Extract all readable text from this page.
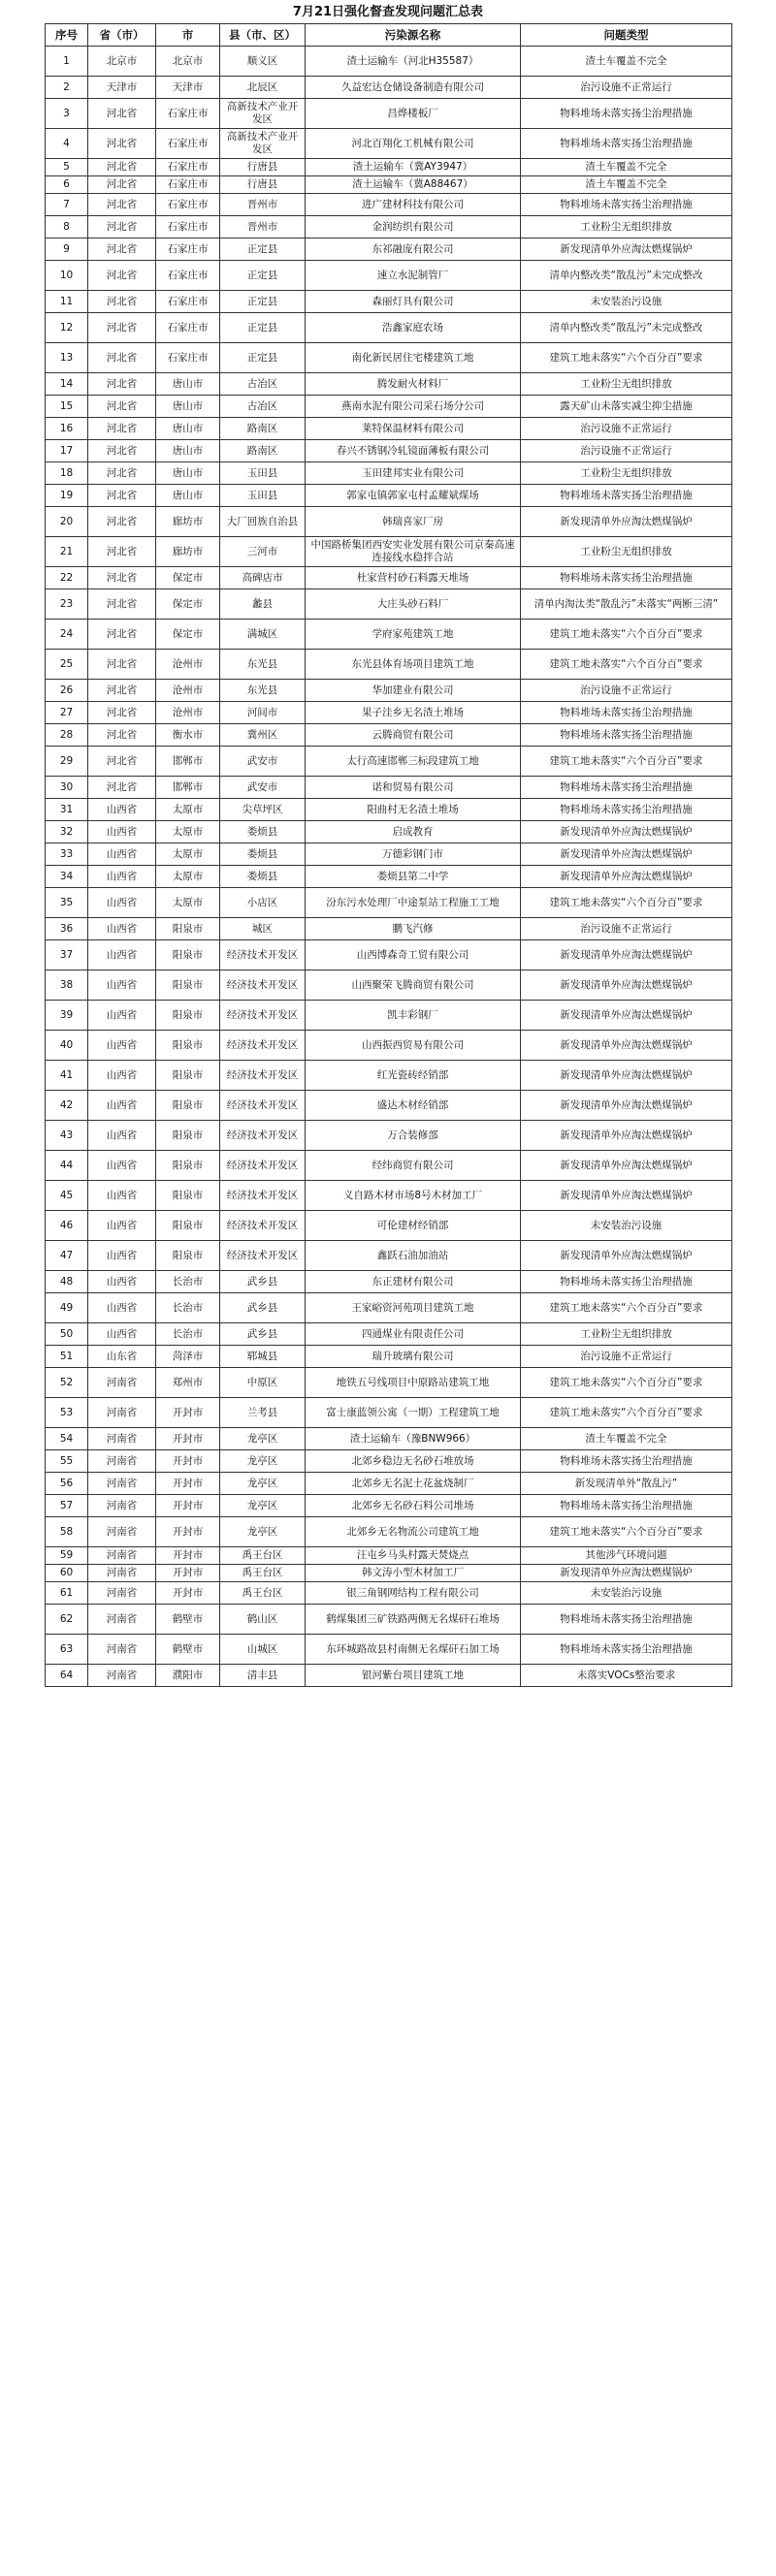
7月21日强化督查发现问题汇总表
序号	省（市）	市	县（市、区）	污染源名称	问题类型
1	北京市	北京市	顺义区	渣土运输车（河北H35587）	渣土车覆盖不完全
2	天津市	天津市	北辰区	久益宏达仓储设备制造有限公司	治污设施不正常运行
3	河北省	石家庄市	高新技术产业开发区	昌烨楼板厂	物料堆场未落实扬尘治理措施
4	河北省	石家庄市	高新技术产业开发区	河北百翔化工机械有限公司	物料堆场未落实扬尘治理措施
5	河北省	石家庄市	行唐县	渣土运输车（冀AY3947）	渣土车覆盖不完全
6	河北省	石家庄市	行唐县	渣土运输车（冀A88467）	渣土车覆盖不完全
7	河北省	石家庄市	晋州市	进广建材科技有限公司	物料堆场未落实扬尘治理措施
8	河北省	石家庄市	晋州市	金润纺织有限公司	工业粉尘无组织排放
9	河北省	石家庄市	正定县	东祁融庞有限公司	新发现清单外应淘汰燃煤锅炉
10	河北省	石家庄市	正定县	速立水泥制管厂	清单内整改类“散乱污”未完成整改
11	河北省	石家庄市	正定县	森丽灯具有限公司	未安装治污设施
12	河北省	石家庄市	正定县	浩鑫家庭农场	清单内整改类“散乱污”未完成整改
13	河北省	石家庄市	正定县	南化新民居住宅楼建筑工地	建筑工地未落实“六个百分百”要求
14	河北省	唐山市	古冶区	腾发耐火材料厂	工业粉尘无组织排放
15	河北省	唐山市	古冶区	燕南水泥有限公司采石场分公司	露天矿山未落实减尘抑尘措施
16	河北省	唐山市	路南区	莱特保温材料有限公司	治污设施不正常运行
17	河北省	唐山市	路南区	春兴不锈钢冷轧镜面薄板有限公司	治污设施不正常运行
18	河北省	唐山市	玉田县	玉田建邦实业有限公司	工业粉尘无组织排放
19	河北省	唐山市	玉田县	郭家屯镇郭家屯村孟耀斌煤场	物料堆场未落实扬尘治理措施
20	河北省	廊坊市	大厂回族自治县	韩瑞喜家厂房	新发现清单外应淘汰燃煤锅炉
21	河北省	廊坊市	三河市	中国路桥集团西安实业发展有限公司京秦高速连接线水稳拌合站	工业粉尘无组织排放
22	河北省	保定市	高碑店市	杜家营村砂石料露天堆场	物料堆场未落实扬尘治理措施
23	河北省	保定市	蠡县	大庄头砂石料厂	清单内淘汰类“散乱污”未落实“两断三清”
24	河北省	保定市	满城区	学府家苑建筑工地	建筑工地未落实“六个百分百”要求
25	河北省	沧州市	东光县	东光县体育场项目建筑工地	建筑工地未落实“六个百分百”要求
26	河北省	沧州市	东光县	华加建业有限公司	治污设施不正常运行
27	河北省	沧州市	河间市	果子洼乡无名渣土堆场	物料堆场未落实扬尘治理措施
28	河北省	衡水市	冀州区	云腾商贸有限公司	物料堆场未落实扬尘治理措施
29	河北省	邯郸市	武安市	太行高速邯郸三标段建筑工地	建筑工地未落实“六个百分百”要求
30	河北省	邯郸市	武安市	诺和贸易有限公司	物料堆场未落实扬尘治理措施
31	山西省	太原市	尖草坪区	阳曲村无名渣土堆场	物料堆场未落实扬尘治理措施
32	山西省	太原市	娄烦县	启成教育	新发现清单外应淘汰燃煤锅炉
33	山西省	太原市	娄烦县	万德彩钢门市	新发现清单外应淘汰燃煤锅炉
34	山西省	太原市	娄烦县	娄烦县第二中学	新发现清单外应淘汰燃煤锅炉
35	山西省	太原市	小店区	汾东污水处理厂中途泵站工程施工工地	建筑工地未落实“六个百分百”要求
36	山西省	阳泉市	城区	鹏飞汽修	治污设施不正常运行
37	山西省	阳泉市	经济技术开发区	山西博森奇工贸有限公司	新发现清单外应淘汰燃煤锅炉
38	山西省	阳泉市	经济技术开发区	山西聚荣飞腾商贸有限公司	新发现清单外应淘汰燃煤锅炉
39	山西省	阳泉市	经济技术开发区	凯丰彩钢厂	新发现清单外应淘汰燃煤锅炉
40	山西省	阳泉市	经济技术开发区	山西振西贸易有限公司	新发现清单外应淘汰燃煤锅炉
41	山西省	阳泉市	经济技术开发区	红光瓷砖经销部	新发现清单外应淘汰燃煤锅炉
42	山西省	阳泉市	经济技术开发区	盛达木材经销部	新发现清单外应淘汰燃煤锅炉
43	山西省	阳泉市	经济技术开发区	万合装修部	新发现清单外应淘汰燃煤锅炉
44	山西省	阳泉市	经济技术开发区	经纬商贸有限公司	新发现清单外应淘汰燃煤锅炉
45	山西省	阳泉市	经济技术开发区	义自路木材市场8号木材加工厂	新发现清单外应淘汰燃煤锅炉
46	山西省	阳泉市	经济技术开发区	可伦建材经销部	未安装治污设施
47	山西省	阳泉市	经济技术开发区	鑫跃石油加油站	新发现清单外应淘汰燃煤锅炉
48	山西省	长治市	武乡县	东正建材有限公司	物料堆场未落实扬尘治理措施
49	山西省	长治市	武乡县	王家峪资河苑项目建筑工地	建筑工地未落实“六个百分百”要求
50	山西省	长治市	武乡县	四通煤业有限责任公司	工业粉尘无组织排放
51	山东省	菏泽市	郓城县	瑞升玻璃有限公司	治污设施不正常运行
52	河南省	郑州市	中原区	地铁五号线项目中原路站建筑工地	建筑工地未落实“六个百分百”要求
53	河南省	开封市	兰考县	富士康蓝领公寓（一期）工程建筑工地	建筑工地未落实“六个百分百”要求
54	河南省	开封市	龙亭区	渣土运输车（豫BNW966）	渣土车覆盖不完全
55	河南省	开封市	龙亭区	北郊乡稳边无名砂石堆放场	物料堆场未落实扬尘治理措施
56	河南省	开封市	龙亭区	北郊乡无名泥土花盆烧制厂	新发现清单外“散乱污”
57	河南省	开封市	龙亭区	北郊乡无名砂石料公司堆场	物料堆场未落实扬尘治理措施
58	河南省	开封市	龙亭区	北郊乡无名物流公司建筑工地	建筑工地未落实“六个百分百”要求
59	河南省	开封市	禹王台区	汪屯乡马头村露天焚烧点	其他涉气环境问题
60	河南省	开封市	禹王台区	韩文涛小型木材加工厂	新发现清单外应淘汰燃煤锅炉
61	河南省	开封市	禹王台区	银三角钢网结构工程有限公司	未安装治污设施
62	河南省	鹤壁市	鹤山区	鹤煤集团三矿铁路两侧无名煤矸石堆场	物料堆场未落实扬尘治理措施
63	河南省	鹤壁市	山城区	东环城路故县村南侧无名煤矸石加工场	物料堆场未落实扬尘治理措施
64	河南省	濮阳市	清丰县	银河紫台项目建筑工地	未落实VOCs整治要求
